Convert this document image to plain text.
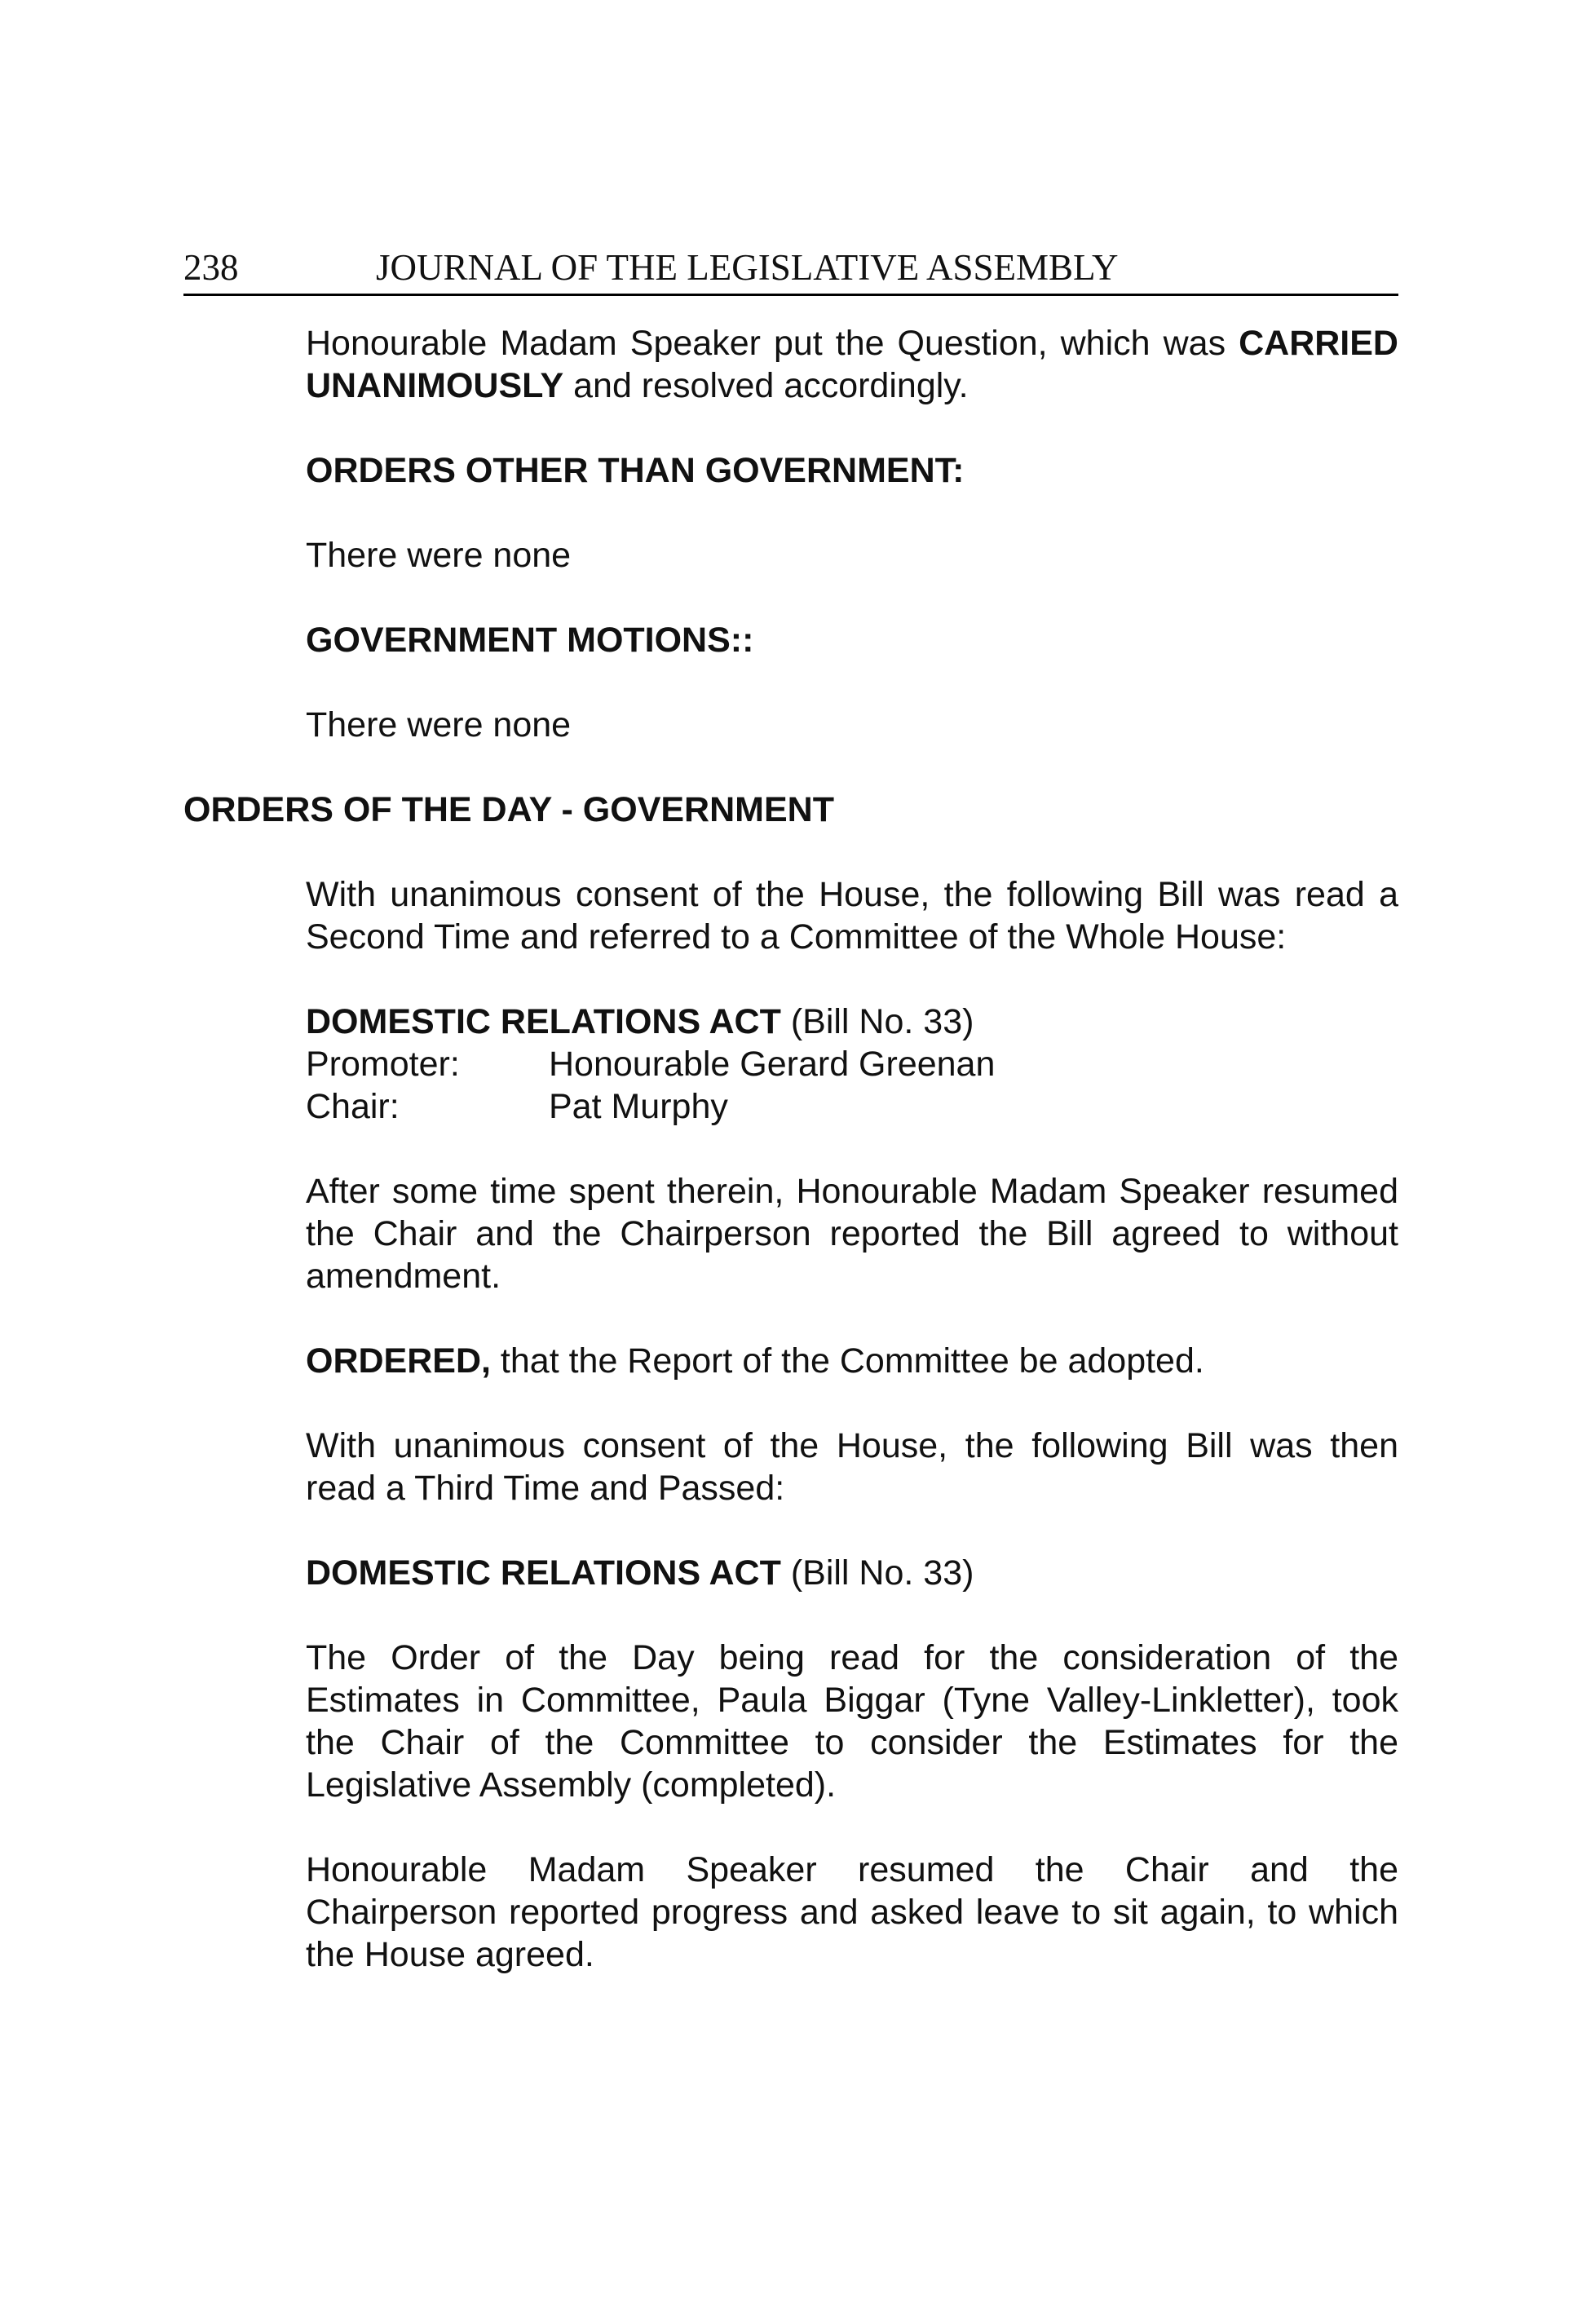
238	JOURNAL OF THE LEGISLATIVE ASSEMBLY
Honourable Madam Speaker put the Question, which was CARRIED
UNANIMOUSLY and resolved accordingly.
ORDERS OTHER THAN GOVERNMENT:
There were none
GOVERNMENT MOTIONS::
There were none
ORDERS OF THE DAY - GOVERNMENT
With unanimous consent of the House, the following Bill was read a
Second Time and referred to a Committee of the Whole House:
DOMESTIC RELATIONS ACT (Bill No. 33)
Promoter:	Honourable Gerard Greenan
Chair:	Pat Murphy
After some time spent therein, Honourable Madam Speaker resumed
the Chair and the Chairperson reported the Bill agreed to without
amendment.
ORDERED, that the Report of the Committee be adopted.
With unanimous consent of the House, the following Bill was then
read a Third Time and Passed:
DOMESTIC RELATIONS ACT (Bill No. 33)
The Order of the Day being read for the consideration of the
Estimates in Committee, Paula Biggar (Tyne Valley-Linkletter), took
the Chair of the Committee to consider the Estimates for the
Legislative Assembly (completed).
Honourable Madam Speaker resumed the Chair and the
Chairperson reported progress and asked leave to sit again, to which
the House agreed.
